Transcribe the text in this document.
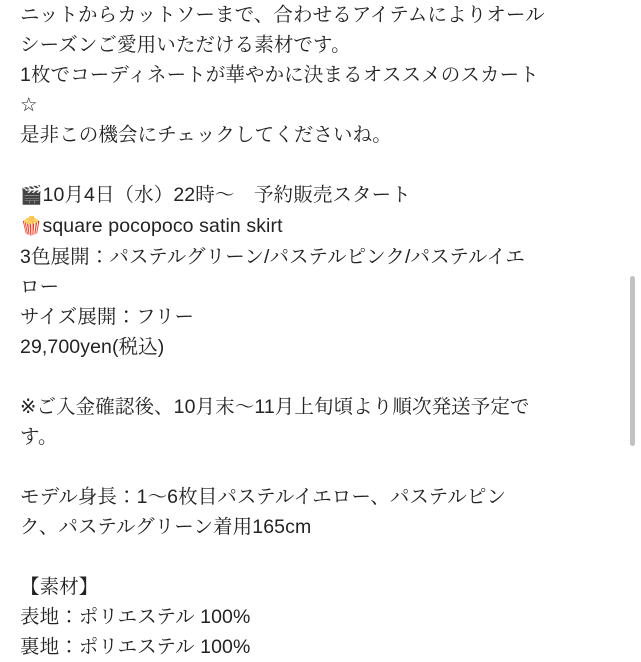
ニットからカットソーまで、合わせるアイテムによりオール
シーズンご愛用いただける素材です。
1枚でコーディネートが華やかに決まるオススメのスカート
☆
是非この機会にチェックしてくださいね。

🎬10月4日（水）22時〜　予約販売スタート
🍿square pocopoco satin skirt
3色展開：パステルグリーン/パステルピンク/パステルイエ
ロー
サイズ展開：フリー
29,700yen(税込)

※ご入金確認後、10月末〜11月上旬頃より順次発送予定で
す。

モデル身長：1〜6枚目パステルイエロー、パステルピン
ク、パステルグリーン着用165cm

【素材】
表地：ポリエステル 100%
裏地：ポリエステル 100%
